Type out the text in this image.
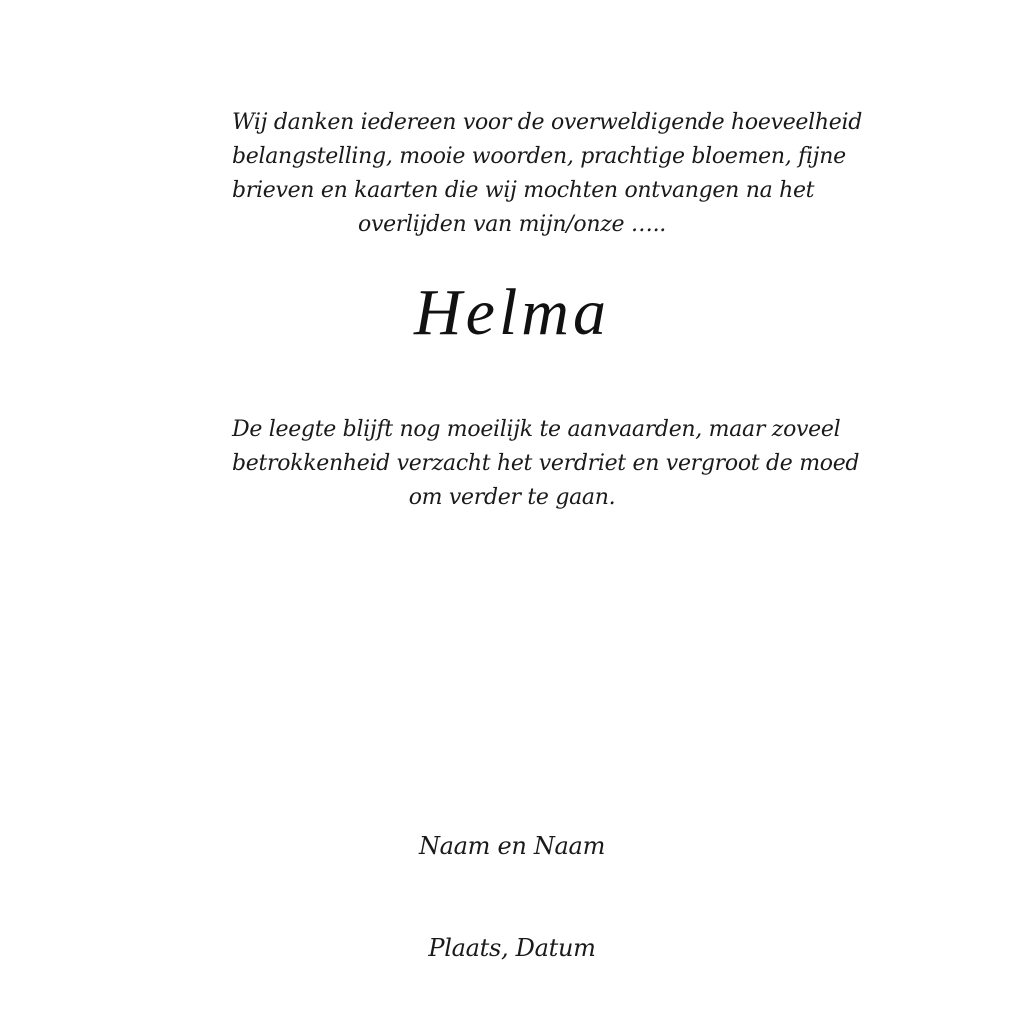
Wij danken iedereen voor de overweldigende hoeveelheid
belangstelling, mooie woorden, prachtige bloemen, fijne
brieven en kaarten die wij mochten ontvangen na het
overlijden van mijn/onze …..
Helma
De leegte blijft nog moeilijk te aanvaarden, maar zoveel
betrokkenheid verzacht het verdriet en vergroot de moed
om verder te gaan.
Naam en Naam
Plaats, Datum
